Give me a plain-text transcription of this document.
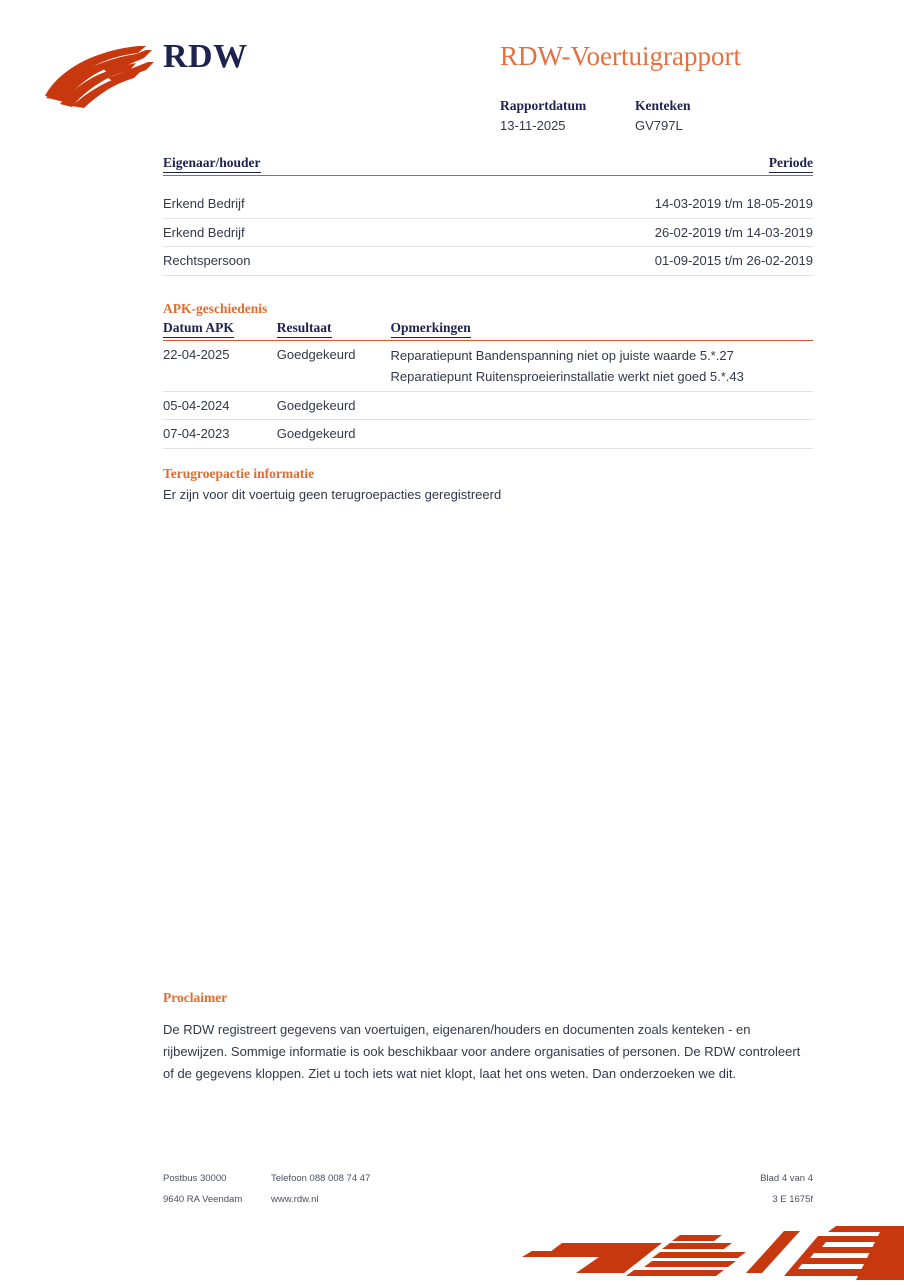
RDW	RDW-Voertuigrapport
Rapportdatum	Kenteken
13-11-2025	GV797L
Eigenaar/houder	Periode

Erkend Bedrijf	14-03-2019 t/m 18-05-2019
Erkend Bedrijf	26-02-2019 t/m 14-03-2019
Rechtspersoon	01-09-2015 t/m 26-02-2019
APK-geschiedenis
Datum APK	Resultaat	Opmerkingen
22-04-2025	Goedgekeurd	Reparatiepunt Bandenspanning niet op juiste waarde 5.*.27
Reparatiepunt Ruitensproeierinstallatie werkt niet goed 5.*.43

05-04-2024	Goedgekeurd	
07-04-2023	Goedgekeurd	
Terugroepactie informatie

Er zijn voor dit voertuig geen terugroepacties geregistreerd

Proclaimer

De RDW registreert gegevens van voertuigen, eigenaren/houders en documenten zoals kenteken - en rijbewijzen. Sommige informatie is ook beschikbaar voor andere organisaties of personen. De RDW controleert of de gegevens kloppen. Ziet u toch iets wat niet klopt, laat het ons weten. Dan onderzoeken we dit.

Postbus 30000	Telefoon 088 008 74 47	Blad 4 van 4
9640 RA Veendam	www.rdw.nl	3 E 1675f
